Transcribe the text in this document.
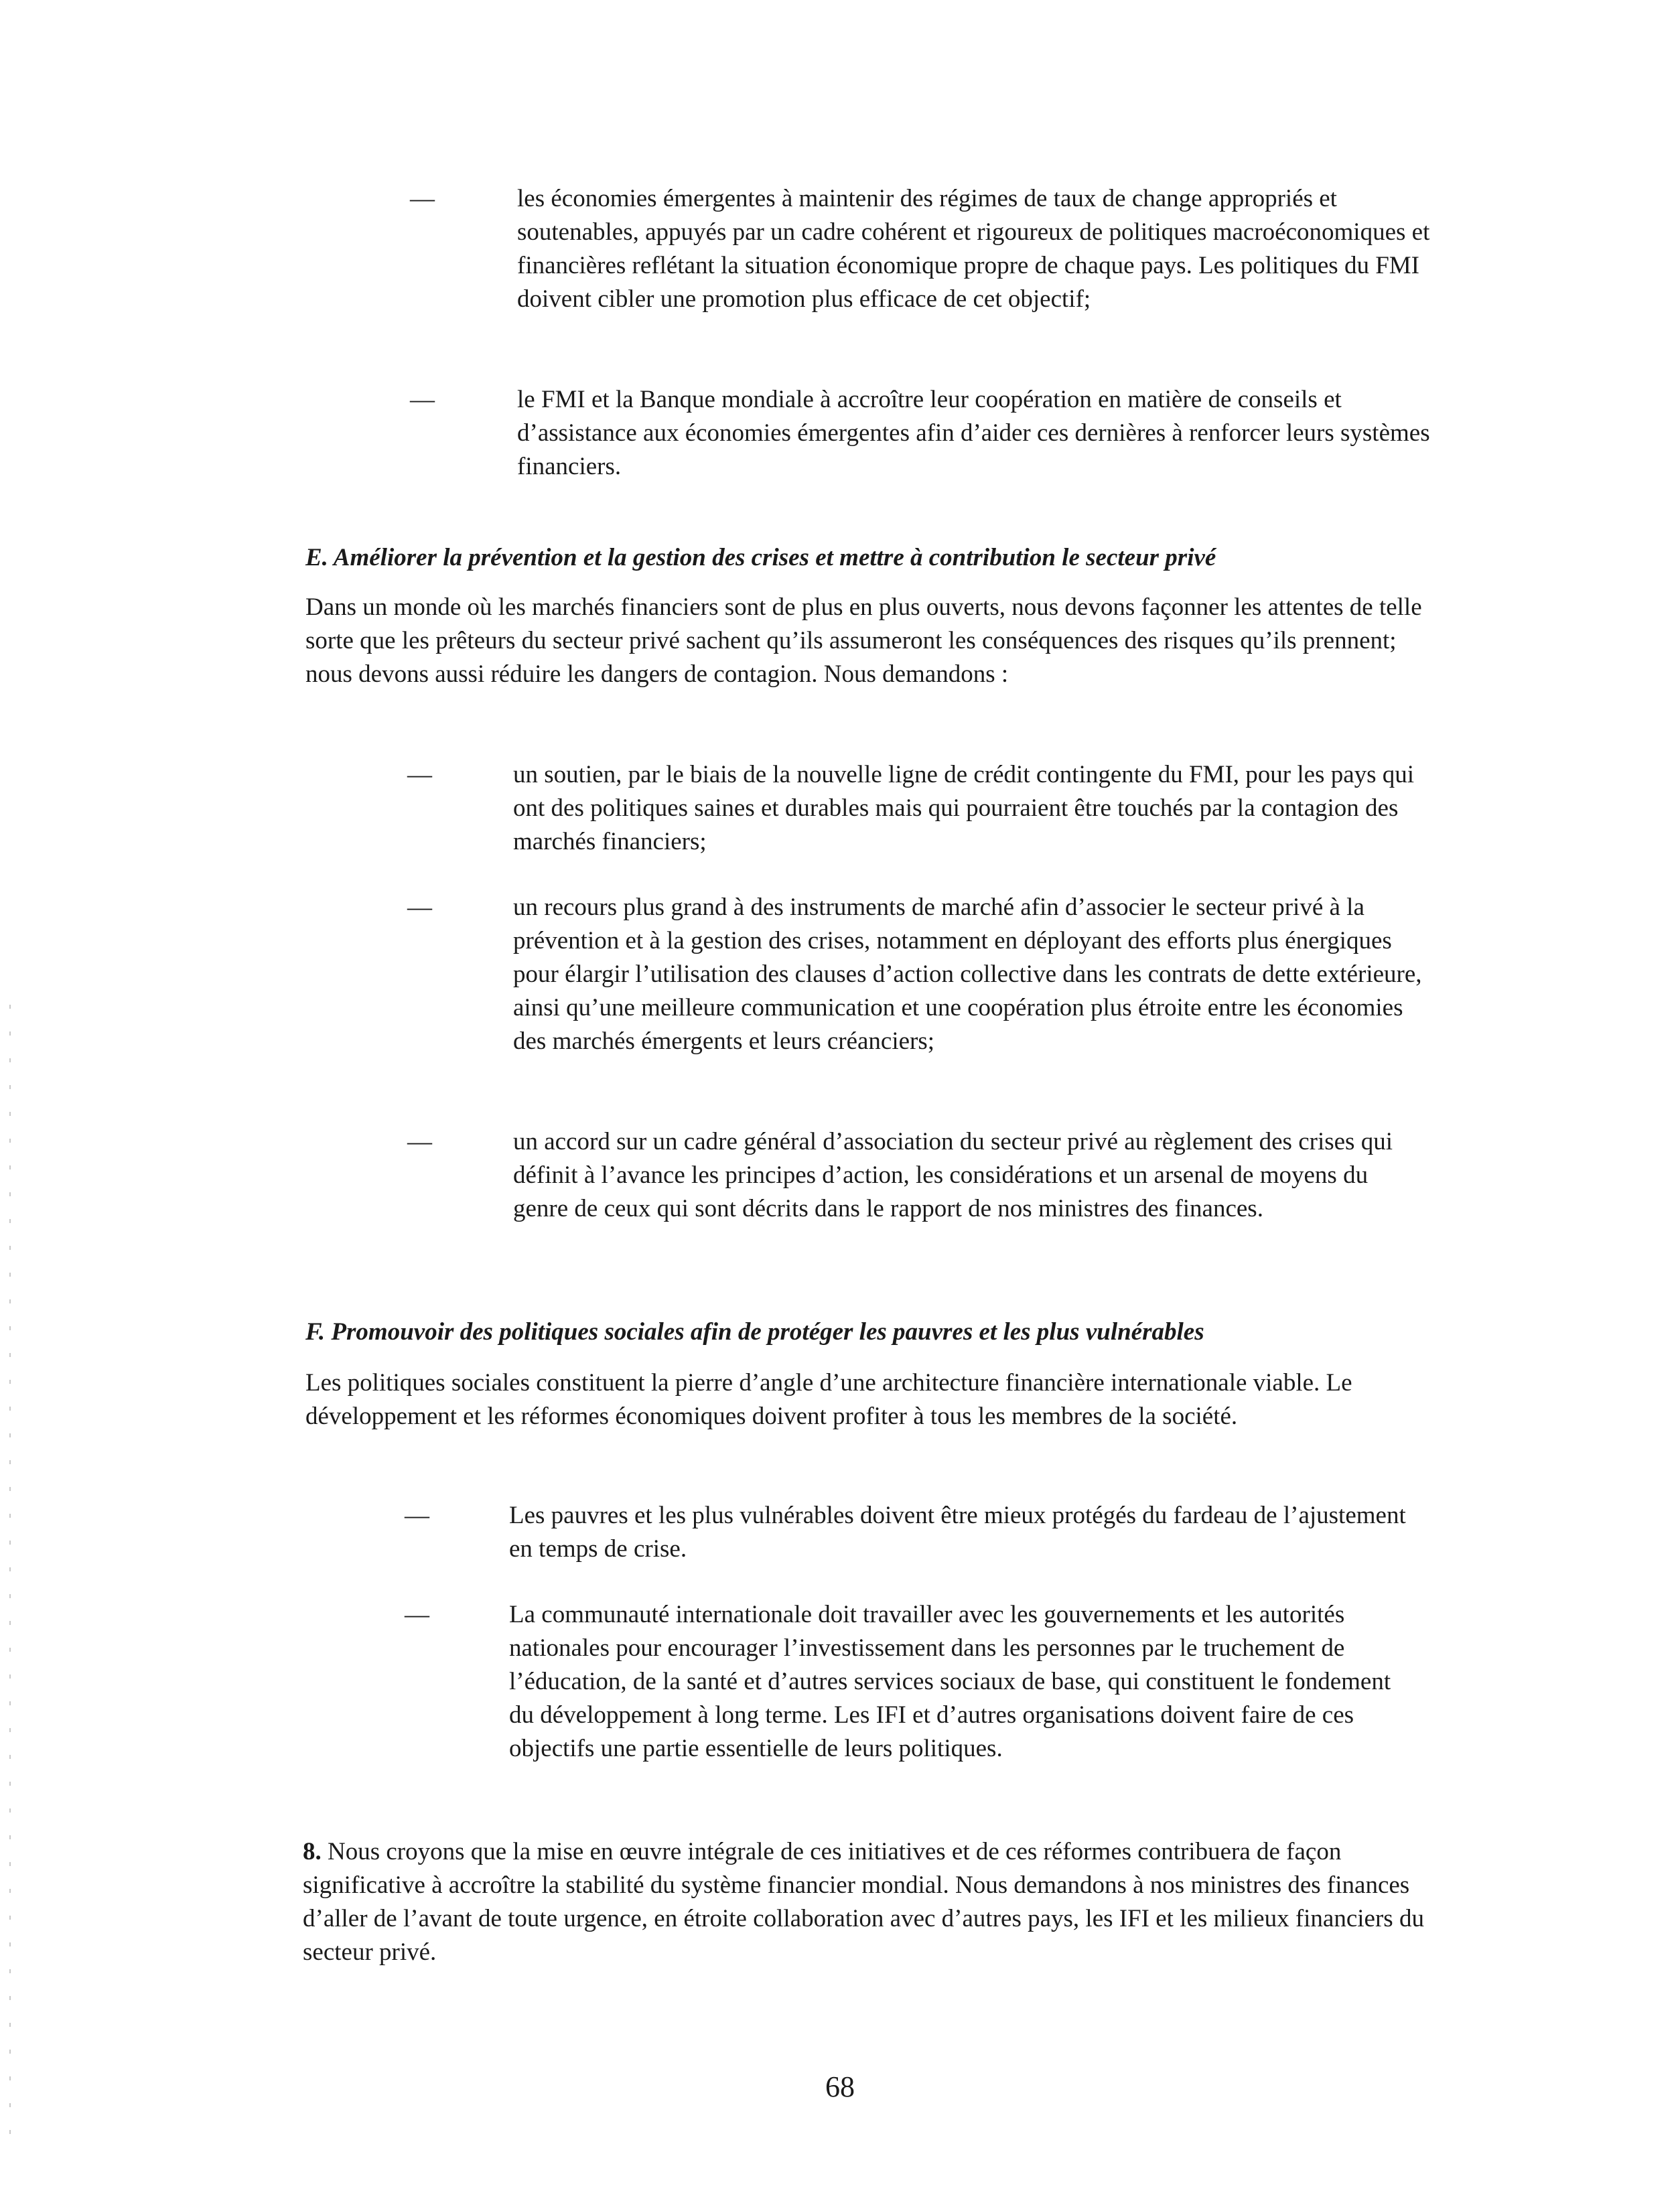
—	les économies émergentes à maintenir des régimes de taux de change appropriés et soutenables, appuyés par un cadre cohérent et rigoureux de politiques macroéconomiques et financières reflétant la situation économique propre de chaque pays. Les politiques du FMI doivent cibler une promotion plus efficace de cet objectif;

—	le FMI et la Banque mondiale à accroître leur coopération en matière de conseils et d’assistance aux économies émergentes afin d’aider ces dernières à renforcer leurs systèmes financiers.

E. Améliorer la prévention et la gestion des crises et mettre à contribution le secteur privé

Dans un monde où les marchés financiers sont de plus en plus ouverts, nous devons façonner les attentes de telle sorte que les prêteurs du secteur privé sachent qu’ils assumeront les conséquences des risques qu’ils prennent; nous devons aussi réduire les dangers de contagion. Nous demandons :

—	un soutien, par le biais de la nouvelle ligne de crédit contingente du FMI, pour les pays qui ont des politiques saines et durables mais qui pourraient être touchés par la contagion des marchés financiers;

—	un recours plus grand à des instruments de marché afin d’associer le secteur privé à la prévention et à la gestion des crises, notamment en déployant des efforts plus énergiques pour élargir l’utilisation des clauses d’action collective dans les contrats de dette extérieure, ainsi qu’une meilleure communication et une coopération plus étroite entre les économies des marchés émergents et leurs créanciers;

—	un accord sur un cadre général d’association du secteur privé au règlement des crises qui définit à l’avance les principes d’action, les considérations et un arsenal de moyens du genre de ceux qui sont décrits dans le rapport de nos ministres des finances.

F. Promouvoir des politiques sociales afin de protéger les pauvres et les plus vulnérables

Les politiques sociales constituent la pierre d’angle d’une architecture financière internationale viable. Le développement et les réformes économiques doivent profiter à tous les membres de la société.

—	Les pauvres et les plus vulnérables doivent être mieux protégés du fardeau de l’ajustement en temps de crise.

—	La communauté internationale doit travailler avec les gouvernements et les autorités nationales pour encourager l’investissement dans les personnes par le truchement de l’éducation, de la santé et d’autres services sociaux de base, qui constituent le fondement du développement à long terme. Les IFI et d’autres organisations doivent faire de ces objectifs une partie essentielle de leurs politiques.

8. Nous croyons que la mise en œuvre intégrale de ces initiatives et de ces réformes contribuera de façon significative à accroître la stabilité du système financier mondial. Nous demandons à nos ministres des finances d’aller de l’avant de toute urgence, en étroite collaboration avec d’autres pays, les IFI et les milieux financiers du secteur privé.

68
